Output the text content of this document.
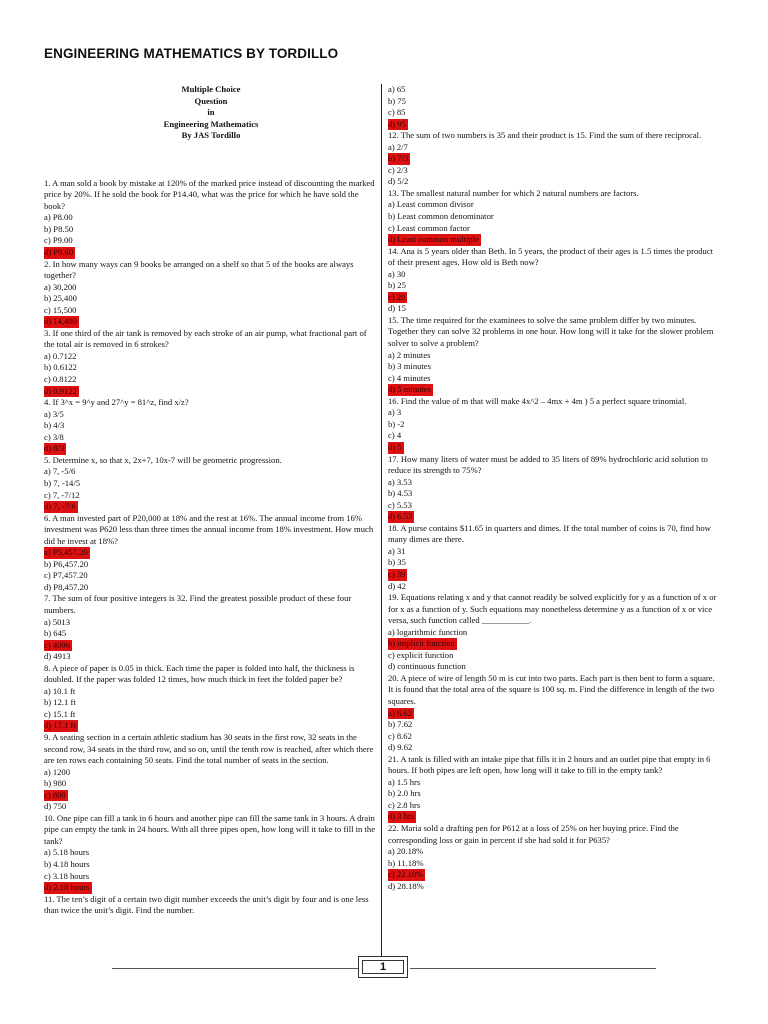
ENGINEERING MATHEMATICS BY TORDILLO
Multiple Choice
Question
in
Engineering Mathematics
By JAS Tordillo
1. A man sold a book by mistake at 120% of the marked price instead of discounting the marked price by 20%. If he sold the book for P14.40, what was the price for which he have sold the book?
a) P8.00
b) P8.50
c) P9.00
d) P9.60
2. In how many ways can 9 books be arranged on a shelf so that 5 of the books are always together?
a) 30,200
b) 25,400
c) 15,500
d) 14,400
3. If one third of the air tank is removed by each stroke of an air pump, what fractional part of the total air is removed in 6 strokes?
a) 0.7122
b) 0.6122
c) 0.8122
d) 0.9122
4. If 3^x = 9^y and 27^y = 81^z, find x/z?
a) 3/5
b) 4/3
c) 3/8
d) 8/3
5. Determine x, so that x, 2x+7, 10x-7 will be geometric progression.
a) 7, -5/6
b) 7, -14/5
c) 7, -7/12
d) 7, -7/6
6. A man invested part of P20,000 at 18% and the rest at 16%. The annual income from 16% investment was P620 less than three times the annual income from 18% investment. How much did he invest at 18%?
a) P5,457.20
b) P6,457.20
c) P7,457.20
d) P8,457.20
7. The sum of four positive integers is 32. Find the greatest possible product of these four numbers.
a) 5013
b) 645
c) 4096
d) 4913
8. A piece of paper is 0.05 in thick. Each time the paper is folded into half, the thickness is doubled. If the paper was folded 12 times, how much thick in feet the folded paper be?
a) 10.1 ft
b) 12.1 ft
c) 15.1 ft
d) 17.1 ft
9. A seating section in a certain athletic stadium has 30 seats in the first row, 32 seats in the second row, 34 seats in the third row, and so on, until the tenth row is reached, after which there are ten rows each containing 50 seats. Find the total number of seats in the section.
a) 1200
b) 980
c) 890
d) 750
10. One pipe can fill a tank in 6 hours and another pipe can fill the same tank in 3 hours. A drain pipe can empty the tank in 24 hours. With all three pipes open, how long will it take to fill in the tank?
a) 5.18 hours
b) 4.18 hours
c) 3.18 hours
d) 2.18 hours
11. The ten’s digit of a certain two digit number exceeds the unit’s digit by four and is one less than twice the unit’s digit. Find the number.
a) 65
b) 75
c) 85
d) 95
12. The sum of two numbers is 35 and their product is 15. Find the sum of there reciprocal.
a) 2/7
b) 7/3
c) 2/3
d) 5/2
13. The smallest natural number for which 2 natural numbers are factors.
a) Least common divisor
b) Least common denominator
c) Least common factor
d) Least common multiple
14. Ana is 5 years older than Beth. In 5 years, the product of their ages is 1.5 times the product of their present ages. How old is Beth now?
a) 30
b) 25
c) 20
d) 15
15. The time required for the examinees to solve the same problem differ by two minutes. Together they can solve 32 problems in one hour. How long will it take for the slower problem solver to solve a problem?
a) 2 minutes
b) 3 minutes
c) 4 minutes
d) 5 minutes
16. Find the value of m that will make 4x^2 – 4mx + 4m ) 5 a perfect square trinomial.
a) 3
b) -2
c) 4
d) 5
17. How many liters of water must be added to 35 liters of 89% hydrochloric acid solution to reduce its strength to 75%?
a) 3.53
b) 4.53
c) 5.53
d) 6.53
18. A purse contains $11.65 in quarters and dimes. If the total number of coins is 70, find how many dimes are there.
a) 31
b) 35
c) 39
d) 42
19. Equations relating x and y that cannot readily be solved explicitly for y as a function of x or for x as a function of y. Such equations may nonetheless determine y as a function of x or vice versa, such function called ___________.
a) logarithmic function
b) implicit function
c) explicit function
d) continuous function
20. A piece of wire of length 50 m is cut into two parts. Each part is then bent to form a square. It is found that the total area of the square is 100 sq. m. Find the difference in length of the two squares.
a) 6.62
b) 7.62
c) 8.62
d) 9.62
21. A tank is filled with an intake pipe that fills it in 2 hours and an outlet pipe that empty in 6 hours. If both pipes are left open, how long will it take to fill in the empty tank?
a) 1.5 hrs
b) 2.0 hrs
c) 2.8 hrs
d) 3 hrs
22. Maria sold a drafting pen for P612 at a loss of 25% on her buying price. Find the corresponding loss or gain in percent if she had sold it for P635?
a) 20.18%
b) 11.18%
c) 22.18%
d) 28.18%
1
